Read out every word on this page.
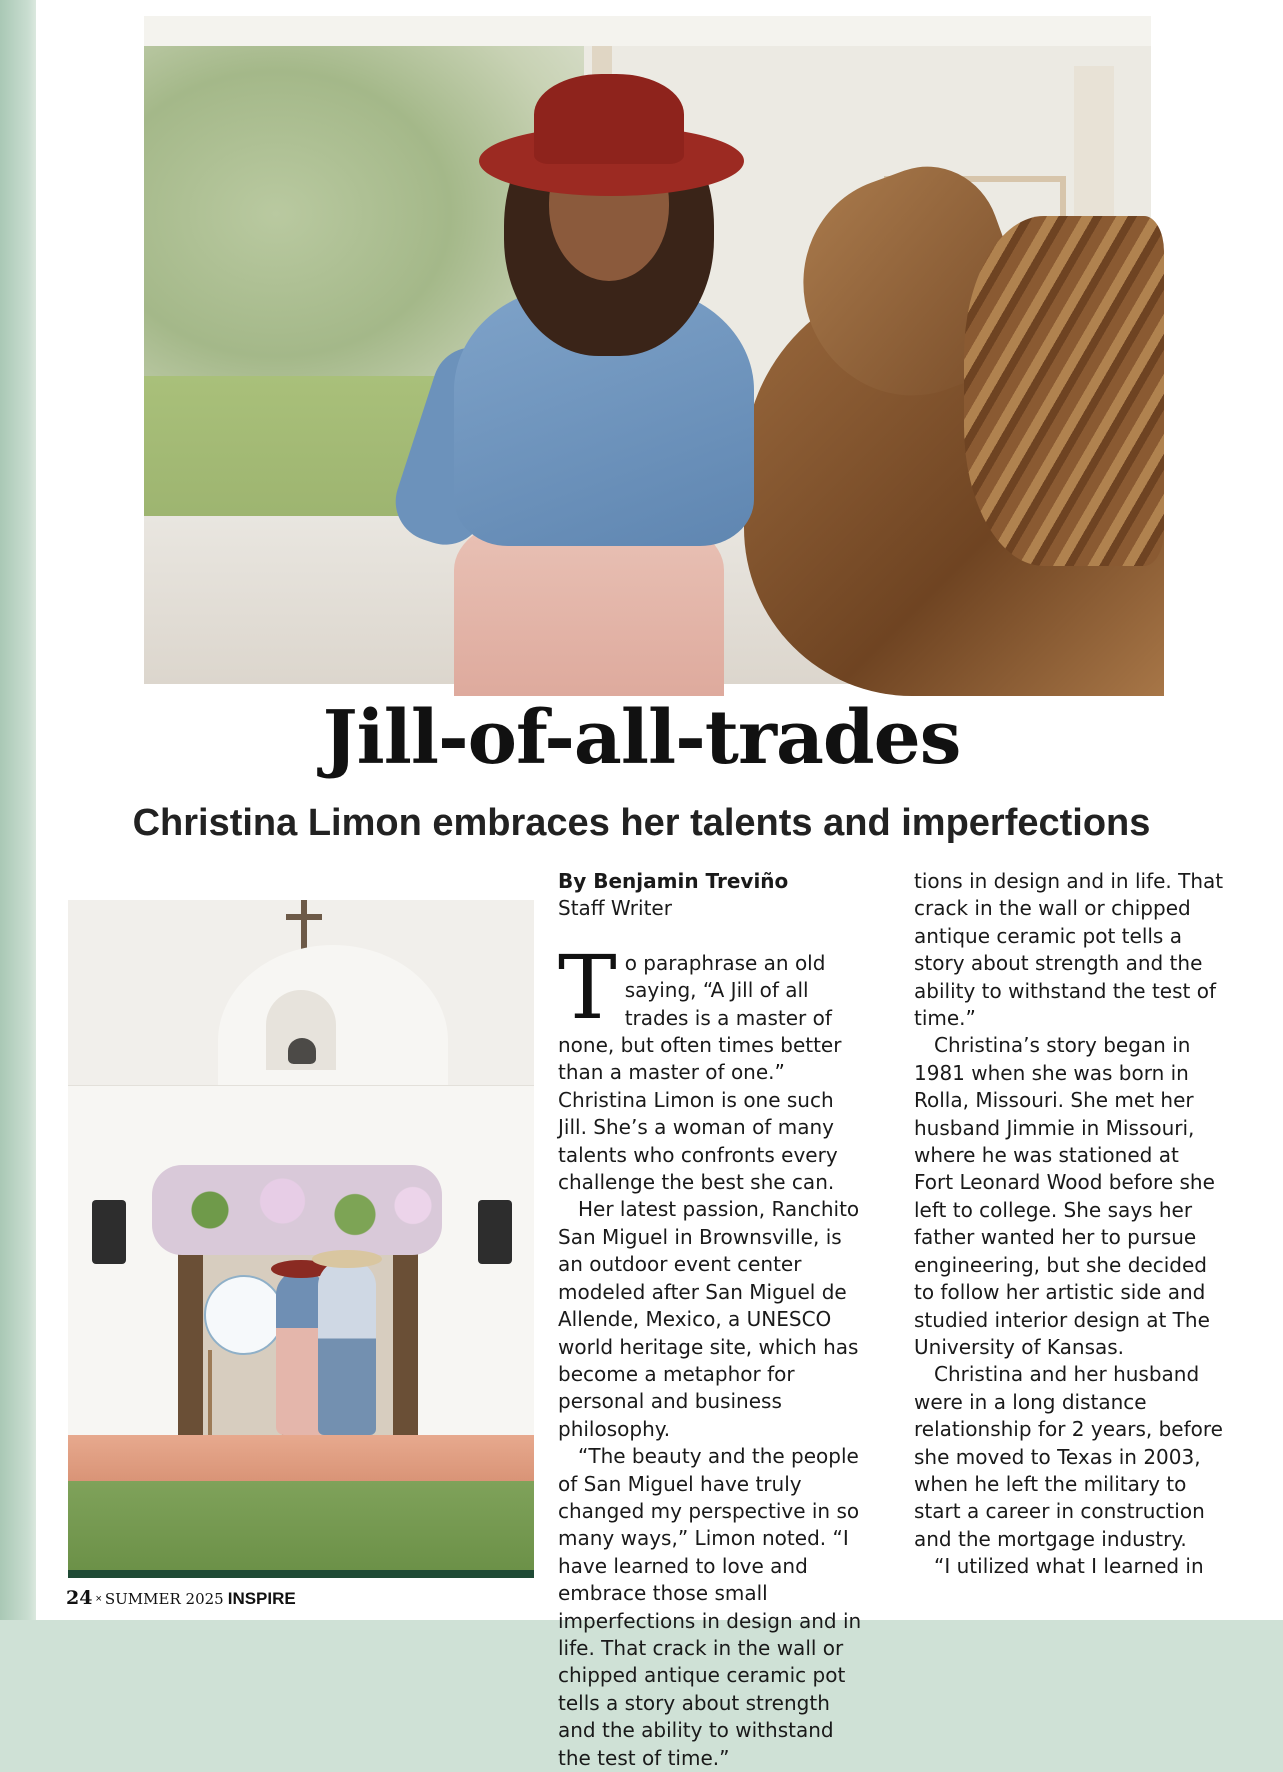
Jill-of-all-trades
Christina Limon embraces her talents and imperfections

By Benjamin Treviño

Staff Writer

To paraphrase an old saying, “A Jill of all trades is a master of none, but often times better than a master of one.” Christina Limon is one such Jill. She’s a woman of many talents who confronts every challenge the best she can.

Her latest passion, Ranchito San Miguel in Brownsville, is an outdoor event center modeled after San Miguel de Allende, Mexico, a UNESCO world heritage site, which has become a metaphor for personal and business philosophy.

“The beauty and the people of San Miguel have truly changed my perspective in so many ways,” Limon noted. “I have learned to love and embrace those small imperfections in design and in life. That crack in the wall or chipped antique ceramic pot tells a story about strength and the ability to withstand the test of time.”

tions in design and in life. That crack in the wall or chipped antique ceramic pot tells a story about strength and the ability to withstand the test of time.”

Christina’s story began in 1981 when she was born in Rolla, Missouri. She met her husband Jimmie in Missouri, where he was stationed at Fort Leonard Wood before she left to college. She says her father wanted her to pursue engineering, but she decided to follow her artistic side and studied interior design at The University of Kansas.

Christina and her husband were in a long distance relationship for 2 years, before she moved to Texas in 2003, when he left the military to start a career in construction and the mortgage industry.

“I utilized what I learned in

24 × SUMMER 2025 INSPIRE
